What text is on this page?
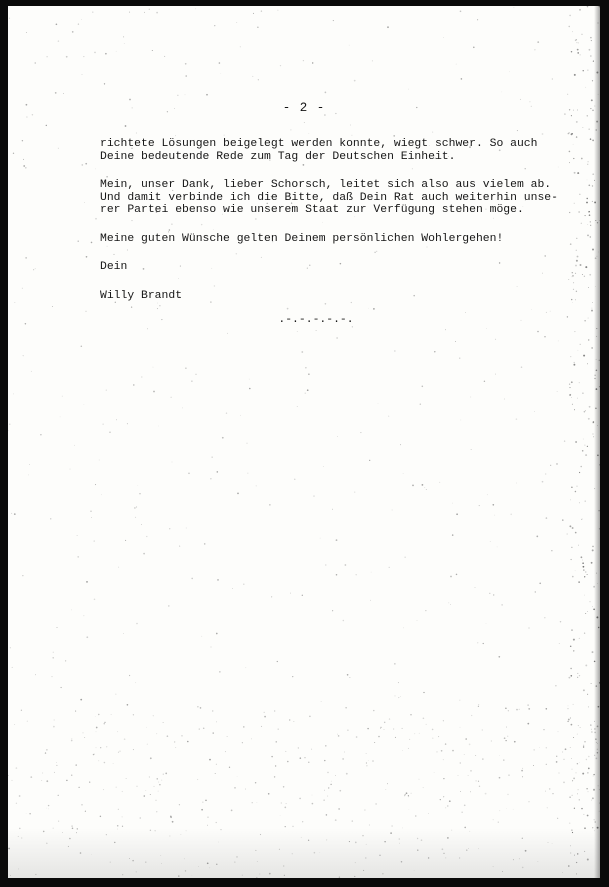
- 2 -
richtete Lösungen beigelegt werden konnte, wiegt schwer. So auch
Deine bedeutende Rede zum Tag der Deutschen Einheit.
Mein, unser Dank, lieber Schorsch, leitet sich also aus vielem ab.
Und damit verbinde ich die Bitte, daß Dein Rat auch weiterhin unse-
rer Partei ebenso wie unserem Staat zur Verfügung stehen möge.
Meine guten Wünsche gelten Deinem persönlichen Wohlergehen!
Dein
Willy Brandt
.-.-.-.-.-.
